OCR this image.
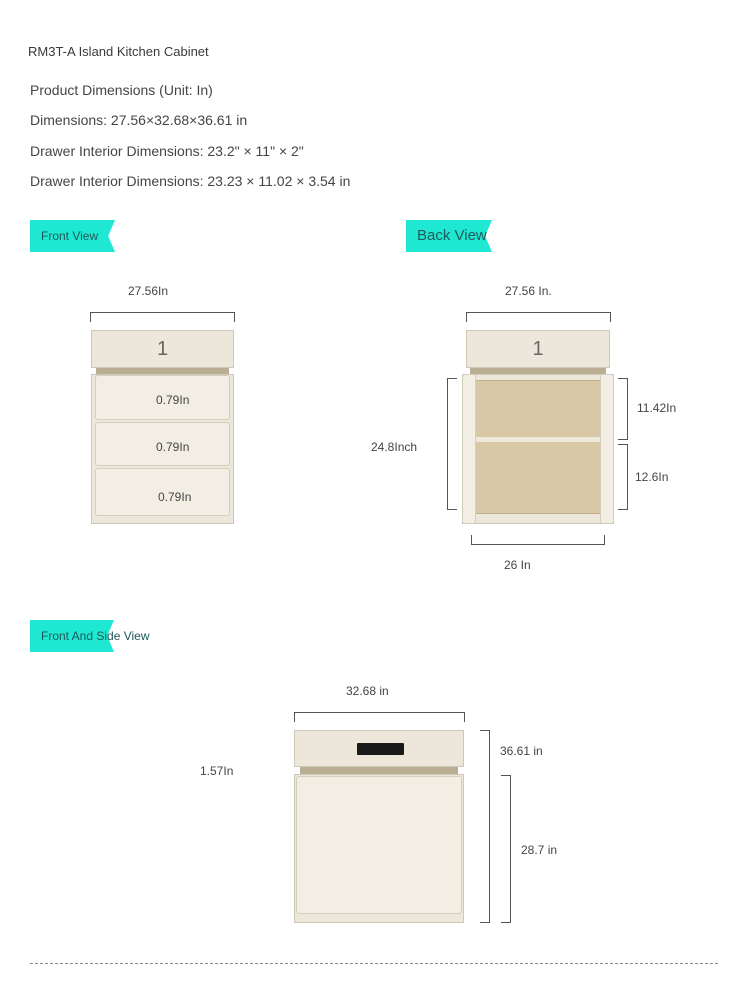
RM3T-A Island Kitchen Cabinet
Product Dimensions (Unit: In)
Dimensions: 27.56×32.68×36.61 in
Drawer Interior Dimensions: 23.2" × 11" × 2"
Drawer Interior Dimensions: 23.23 × 11.02 × 3.54 in
Front View
27.56In
1
0.79In
0.79In
0.79In
Back View
27.56 In.
24.8Inch
1
11.42In
12.6In
26 In
Front And Side View
32.68 in
1.57In
36.61 in
28.7 in
